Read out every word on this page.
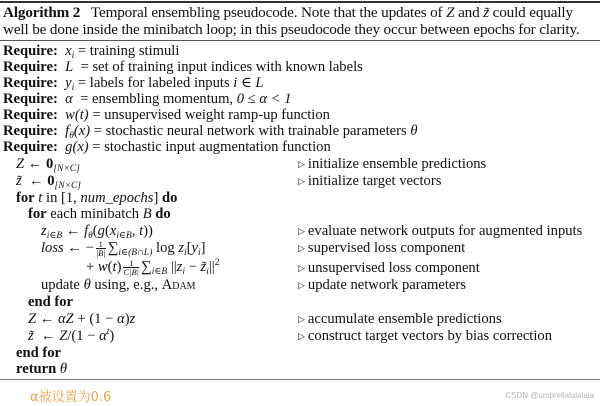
Algorithm 2 Temporal ensembling pseudocode. Note that the updates of Z and z̃ could equally well be done inside the minibatch loop; in this pseudocode they occur between epochs for clarity.
Require: $x_i$ = training stimuli
Require: L  = set of training input indices with known labels
Require: $y_i$ = labels for labeled inputs i ∈ L
Require: α  = ensembling momentum, 0 ≤ α < 1
Require: w(t) = unsupervised weight ramp-up function
Require: $f_\theta(x)$ = stochastic neural network with trainable parameters θ
Require: g(x) = stochastic input augmentation function
Z ← $0_{[N\times C]}$	▷ initialize ensemble predictions
z̃  ← $0_{[N\times C]}$	▷ initialize target vectors
for t in [1, num_epochs] do
for each minibatch B do
$z_{i\in B}$ ← $f_\theta(g(x_{i\in B}$, t))	▷ evaluate network outputs for augmented inputs
loss ← − $\frac{1}{|B|} \sum_{i\in(B\cap L)}$ $\log z_i[y_i]$	▷ supervised loss component
+ $w(t) \frac{1}{C|B|} \sum_{i\in B}$ $||z_i$ − $z̃_i||^2$	▷ unsupervised loss component
update θ using, e.g., Adam	▷ update network parameters
end for
Z ← αZ + (1 − α)z	▷ accumulate ensemble predictions
z̃  ← $Z/(1 - \alpha^t)$	▷ construct target vectors by bias correction
end for
return θ
α被设置为0.6	CSDN @umbrellalalalala
